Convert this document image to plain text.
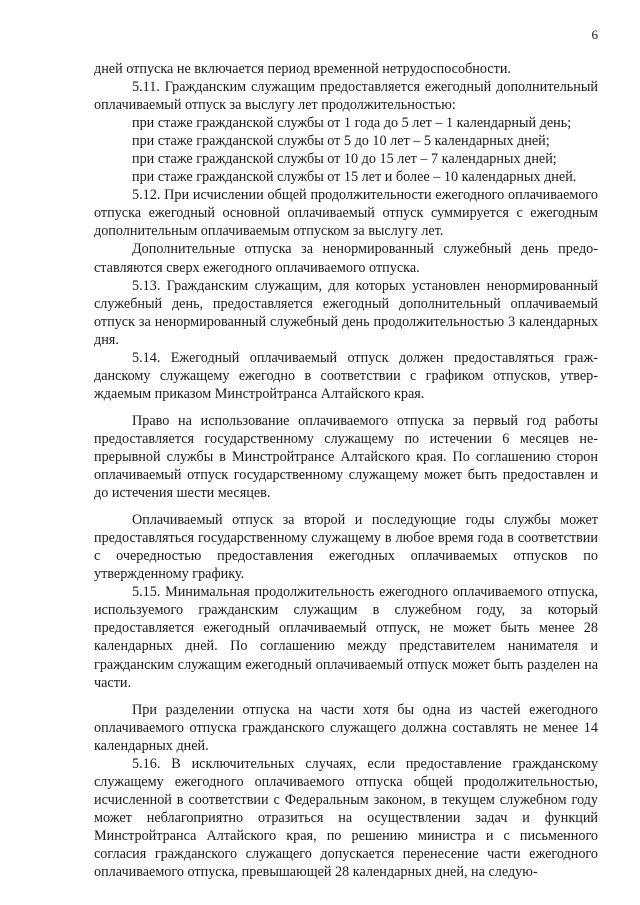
6

дней отпуска не включается период временной нетрудоспособности.

5.11. Гражданским служащим предоставляется ежегодный дополнительный оплачиваемый отпуск за выслугу лет продолжительностью:

при стаже гражданской службы от 1 года до 5 лет – 1 календарный день;

при стаже гражданской службы от 5 до 10 лет – 5 календарных дней;

при стаже гражданской службы от 10 до 15 лет – 7 календарных дней;

при стаже гражданской службы от 15 лет и более – 10 календарных дней.

5.12. При исчислении общей продолжительности ежегодного оплачиваемого отпуска ежегодный основной оплачиваемый отпуск суммируется с ежегодным дополнительным оплачиваемым отпуском за выслугу лет.

Дополнительные отпуска за ненормированный служебный день предоставляются сверх ежегодного оплачиваемого отпуска.

5.13. Гражданским служащим, для которых установлен ненормированный служебный день, предоставляется ежегодный дополнительный оплачиваемый отпуск за ненормированный служебный день продолжительностью 3 календарных дня.

5.14. Ежегодный оплачиваемый отпуск должен предоставляться гражданскому служащему ежегодно в соответствии с графиком отпусков, утверждаемым приказом Минстройтранса Алтайского края.

Право на использование оплачиваемого отпуска за первый год работы предоставляется государственному служащему по истечении 6 месяцев непрерывной службы в Минстройтрансе Алтайского края. По соглашению сторон оплачиваемый отпуск государственному служащему может быть предоставлен и до истечения шести месяцев.

Оплачиваемый отпуск за второй и последующие годы службы может предоставляться государственному служащему в любое время года в соответствии с очередностью предоставления ежегодных оплачиваемых отпусков по утвержденному графику.

5.15. Минимальная продолжительность ежегодного оплачиваемого отпуска, используемого гражданским служащим в служебном году, за который предоставляется ежегодный оплачиваемый отпуск, не может быть менее 28 календарных дней. По соглашению между представителем нанимателя и гражданским служащим ежегодный оплачиваемый отпуск может быть разделен на части.

При разделении отпуска на части хотя бы одна из частей ежегодного оплачиваемого отпуска гражданского служащего должна составлять не менее 14 календарных дней.

5.16. В исключительных случаях, если предоставление гражданскому служащему ежегодного оплачиваемого отпуска общей продолжительностью, исчисленной в соответствии с Федеральным законом, в текущем служебном году может неблагоприятно отразиться на осуществлении задач и функций Минстройтранса Алтайского края, по решению министра и с письменного согласия гражданского служащего допускается перенесение части ежегодного оплачиваемого отпуска, превышающей 28 календарных дней, на следую-
